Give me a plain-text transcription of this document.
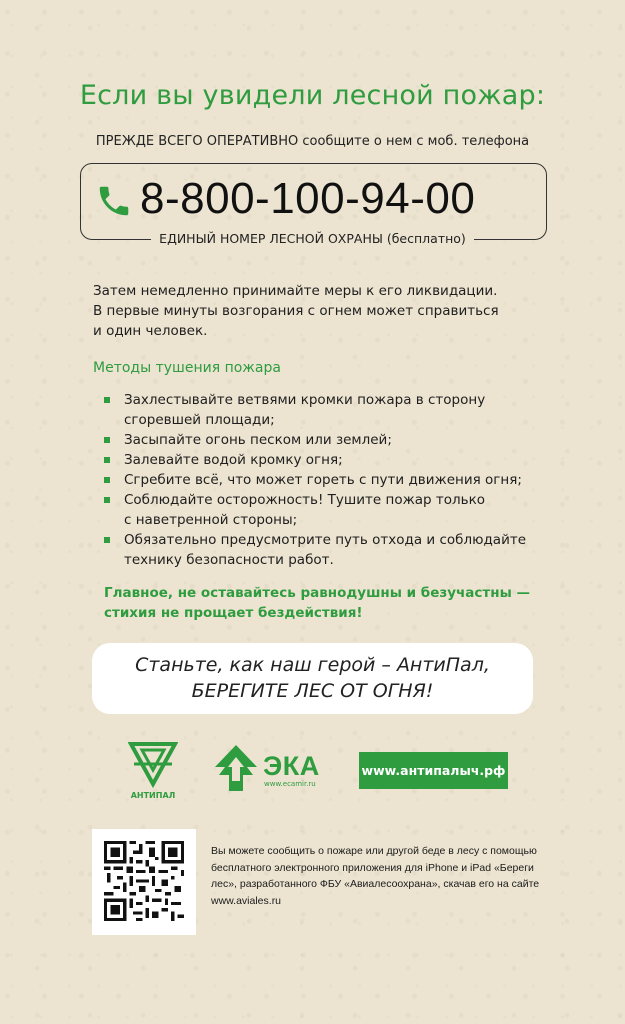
Если вы увидели лесной пожар:
ПРЕЖДЕ ВСЕГО ОПЕРАТИВНО сообщите о нем с моб. телефона
8-800-100-94-00
ЕДИНЫЙ НОМЕР ЛЕСНОЙ ОХРАНЫ (бесплатно)
Затем немедленно принимайте меры к его ликвидации.
В первые минуты возгорания с огнем может справиться
и один человек.
Методы тушения пожара
Захлестывайте ветвями кромки пожара в сторону
сгоревшей площади;
Засыпайте огонь песком или землей;
Залевайте водой кромку огня;
Сгребите всё, что может гореть с пути движения огня;
Соблюдайте осторожность! Тушите пожар только
с наветренной стороны;
Обязательно предусмотрите путь отхода и соблюдайте
технику безопасности работ.
Главное, не оставайтесь равнодушны и безучастны —
стихия не прощает бездействия!
Станьте, как наш герой – АнтиПал,
БЕРЕГИТЕ ЛЕС ОТ ОГНЯ!
АНТИПАЛ
ЭКА
www.ecamir.ru
www.антипалыч.рф
Вы можете сообщить о пожаре или другой беде в лесу с помощью
бесплатного электронного приложения для iPhone и iPad «Береги
лес», разработанного ФБУ «Авиалесоохрана», скачав его на сайте
www.aviales.ru
